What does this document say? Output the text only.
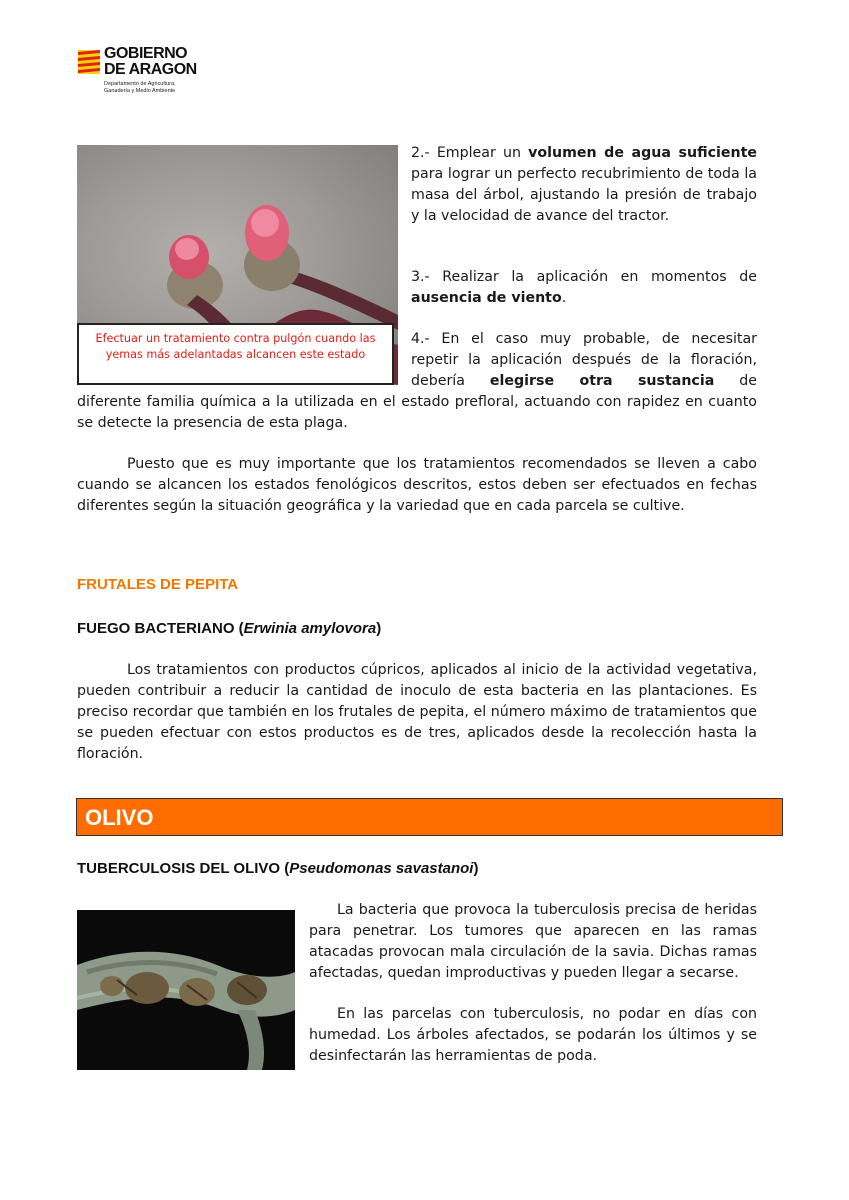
GOBIERNO
DE ARAGON
Departamento de Agricultura,
Ganadería y Medio Ambiente
Efectuar un tratamiento contra pulgón cuando las yemas más adelantadas alcancen este estado

2.- Emplear un volumen de agua suficiente para lograr un perfecto recubrimiento de toda la masa del árbol, ajustando la presión de trabajo y la velocidad de avance del tractor.

3.- Realizar la aplicación en momentos de ausencia de viento.

4.- En el caso muy probable, de necesitar repetir la aplicación después de la floración, debería elegirse otra sustancia de

diferente familia química a la utilizada en el estado prefloral, actuando con rapidez en cuanto se detecte la presencia de esta plaga.

Puesto que es muy importante que los tratamientos recomendados se lleven a cabo cuando se alcancen los estados fenológicos descritos, estos deben ser efectuados en fechas diferentes según la situación geográfica y la variedad que en cada parcela se cultive.

FRUTALES DE PEPITA
FUEGO BACTERIANO (Erwinia amylovora)

Los tratamientos con productos cúpricos, aplicados al inicio de la actividad vegetativa, pueden contribuir a reducir la cantidad de inoculo de esta bacteria en las plantaciones. Es preciso recordar que también en los frutales de pepita, el número máximo de tratamientos que se pueden efectuar con estos productos es de tres, aplicados desde la recolección hasta la floración.

OLIVO
TUBERCULOSIS DEL OLIVO (Pseudomonas savastanoi)

La bacteria que provoca la tuberculosis precisa de heridas para penetrar. Los tumores que aparecen en las ramas atacadas provocan mala circulación de la savia. Dichas ramas afectadas, quedan improductivas y pueden llegar a secarse.

En las parcelas con tuberculosis, no podar en días con humedad. Los árboles afectados, se podarán los últimos y se desinfectarán las herramientas de poda.
